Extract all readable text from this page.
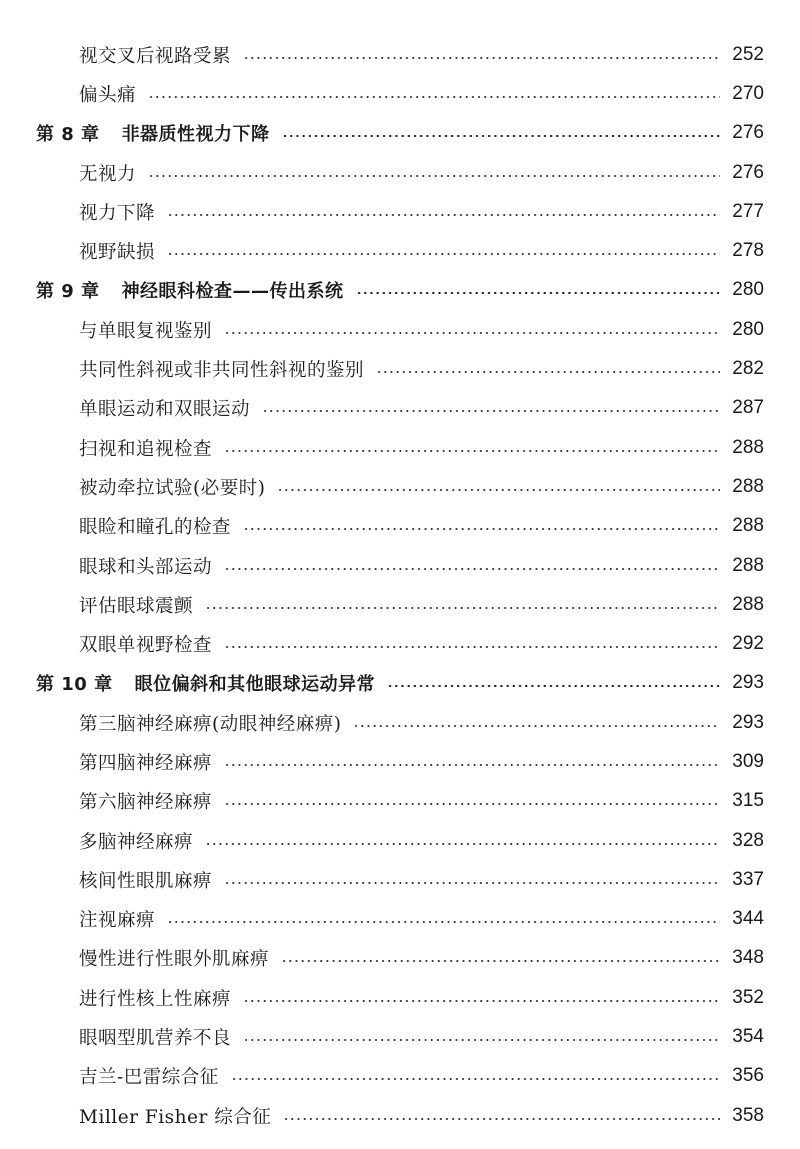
视交叉后视路受累	252
偏头痛	270
第 8 章 非器质性视力下降	276
无视力	276
视力下降	277
视野缺损	278
第 9 章 神经眼科检查——传出系统	280
与单眼复视鉴别	280
共同性斜视或非共同性斜视的鉴别	282
单眼运动和双眼运动	287
扫视和追视检查	288
被动牵拉试验(必要时)	288
眼睑和瞳孔的检查	288
眼球和头部运动	288
评估眼球震颤	288
双眼单视野检查	292
第 10 章 眼位偏斜和其他眼球运动异常	293
第三脑神经麻痹(动眼神经麻痹)	293
第四脑神经麻痹	309
第六脑神经麻痹	315
多脑神经麻痹	328
核间性眼肌麻痹	337
注视麻痹	344
慢性进行性眼外肌麻痹	348
进行性核上性麻痹	352
眼咽型肌营养不良	354
吉兰-巴雷综合征	356
Miller Fisher 综合征	358
